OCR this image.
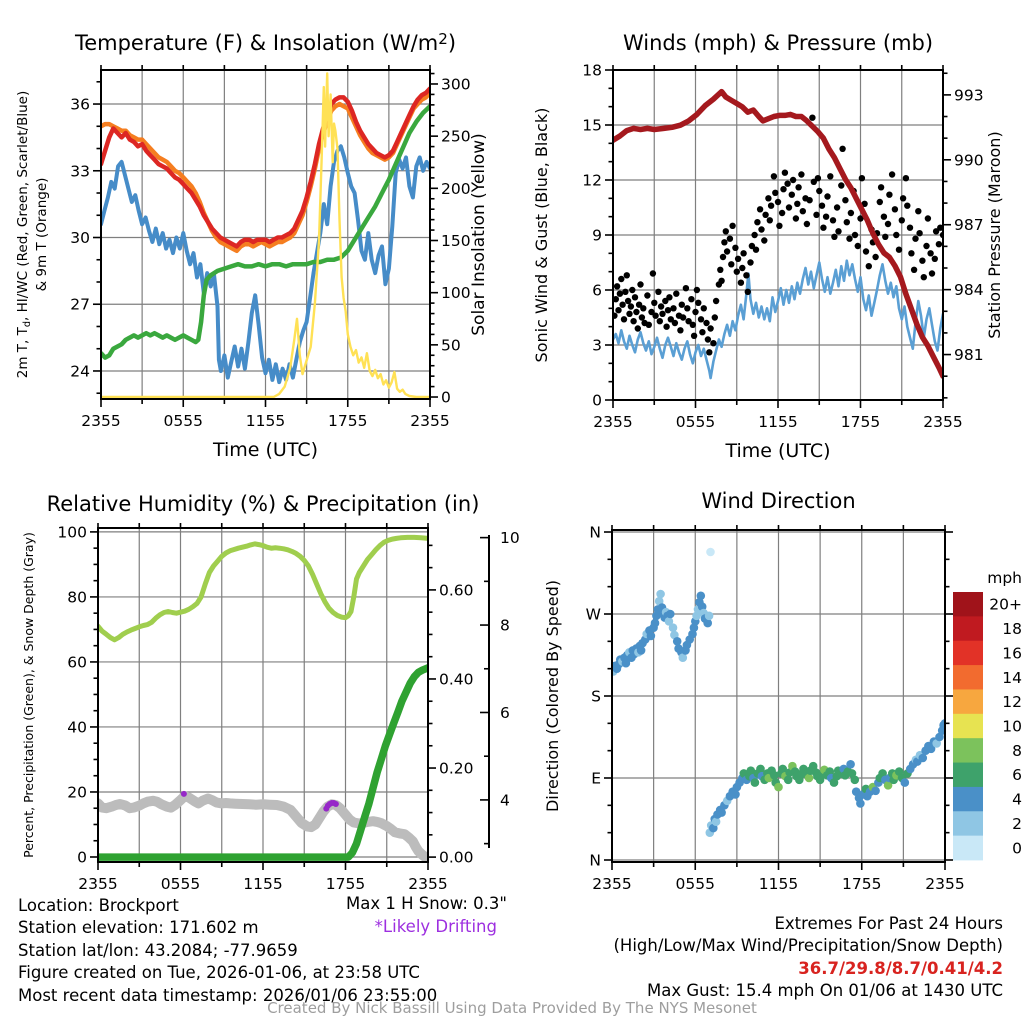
2355	0555	1155	1755	2355
24
27
30
33
36
0
50
100
150
200
250
300
Time (UTC)
2m T, $T_d$, HI/WC (Red, Green, Scarlet/Blue) & 9m T (Orange)	Solar Insolation (Yellow)
Temperature (F) & Insolation $(W/m^2)$
2355	0555	1155	1755	2355
0
3
6
9
12
15
18
981
984
987
990
993
Time (UTC)
Sonic Wind & Gust (Blue, Black)	Station Pressure (Maroon)
Winds (mph) & Pressure (mb)
4
6
8
10
2355	0555	1155	1755	2355
0
20
40
60
80
100
0.00
0.20
0.40
0.60
Percent, Precipitation (Green), & Snow Depth (Gray)
Relative Humidity (%) & Precipitation (in)
2355	0555	1155	1755	2355
N
E
S
W
N
Direction (Colored By Speed)
Wind Direction
20+
18
16
14
12
10
8
6
4
2
0
mph
Location: Brockport
Station elevation: 171.602 m
Station lat/lon: 43.2084; -77.9659
Figure created on Tue, 2026-01-06, at 23:58 UTC
Most recent data timestamp: 2026/01/06 23:55:00
Max 1 H Snow: 0.3"
*Likely Drifting	Extremes For Past 24 Hours
(High/Low/Max Wind/Precipitation/Snow Depth)
36.7/29.8/8.7/0.41/4.2
Max Gust: 15.4 mph On 01/06 at 1430 UTC
Created By Nick Bassill Using Data Provided By The NYS Mesonet
